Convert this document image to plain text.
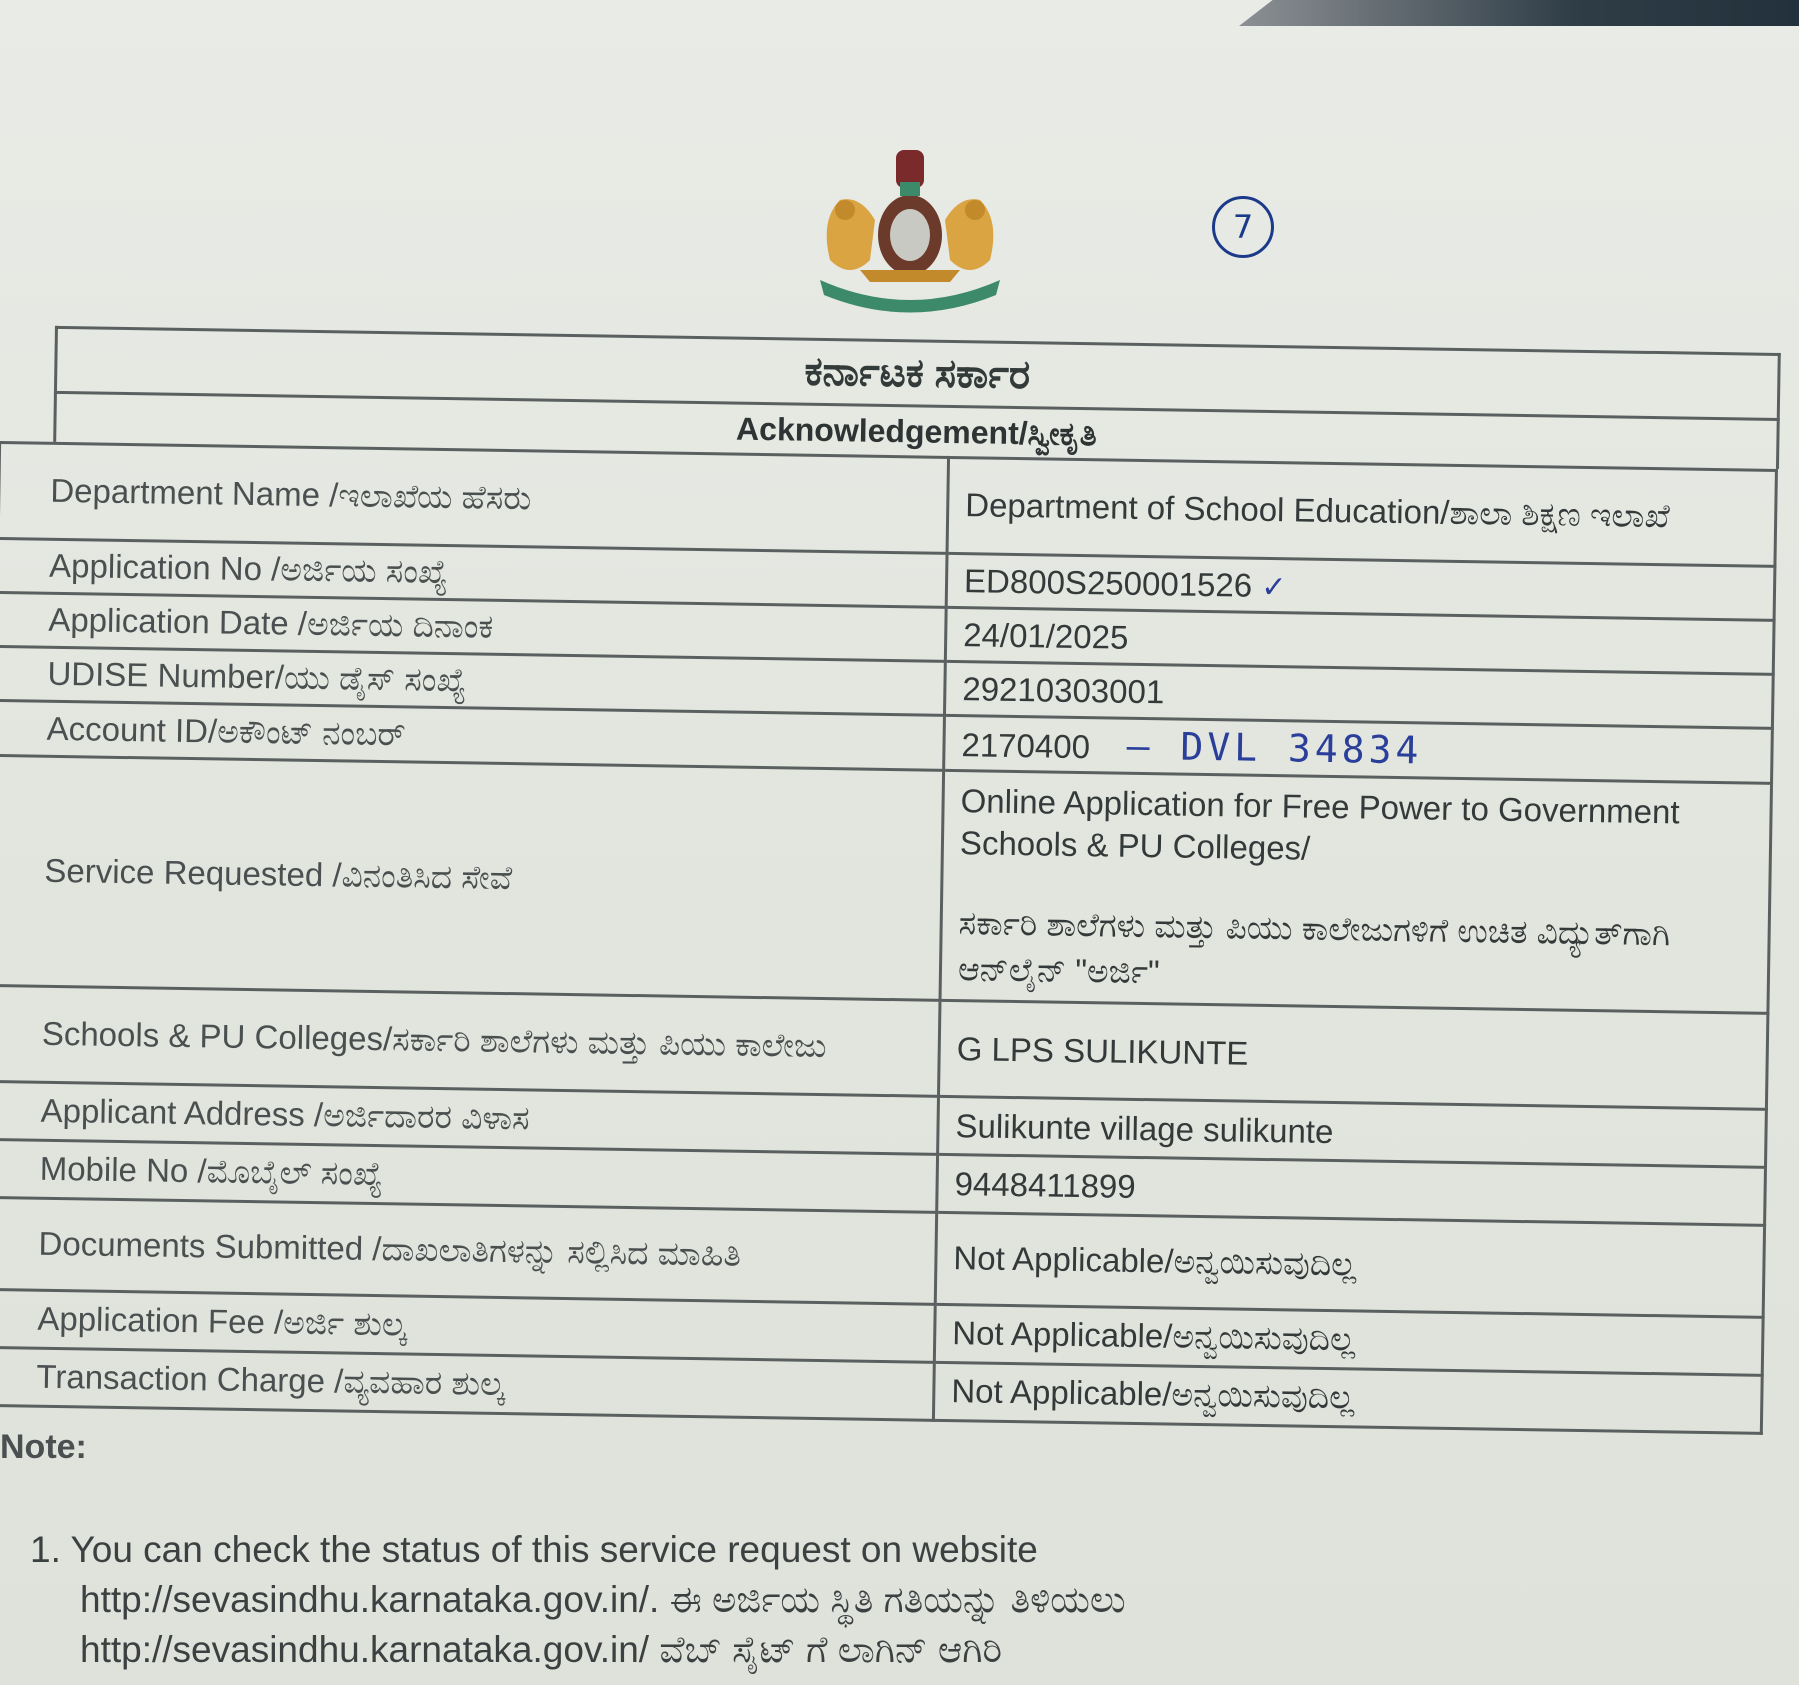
7
ಕರ್ನಾಟಕ ಸರ್ಕಾರ
Acknowledgement/ಸ್ವೀಕೃತಿ
Department Name /ಇಲಾಖೆಯ ಹೆಸರು	Department of School Education/ಶಾಲಾ ಶಿಕ್ಷಣ ಇಲಾಖೆ
Application No /ಅರ್ಜಿಯ ಸಂಖ್ಯೆ	ED800S250001526 ✓
Application Date /ಅರ್ಜಿಯ ದಿನಾಂಕ	24/01/2025
UDISE Number/ಯು ಡೈಸ್ ಸಂಖ್ಯೆ	29210303001
Account ID/ಅಕೌಂಟ್ ನಂಬರ್	2170400 — DVL 34834
Service Requested /ವಿನಂತಿಸಿದ ಸೇವೆ	Online Application for Free Power to Government Schools & PU Colleges/
ಸರ್ಕಾರಿ ಶಾಲೆಗಳು ಮತ್ತು ಪಿಯು ಕಾಲೇಜುಗಳಿಗೆ ಉಚಿತ ವಿದ್ಯುತ್‌ಗಾಗಿ ಆನ್‌ಲೈನ್ "ಅರ್ಜಿ"

Schools & PU Colleges/ಸರ್ಕಾರಿ ಶಾಲೆಗಳು ಮತ್ತು ಪಿಯು ಕಾಲೇಜು	G LPS SULIKUNTE
Applicant Address /ಅರ್ಜಿದಾರರ ವಿಳಾಸ	Sulikunte village sulikunte
Mobile No /ಮೊಬೈಲ್ ಸಂಖ್ಯೆ	9448411899
Documents Submitted /ದಾಖಲಾತಿಗಳನ್ನು ಸಲ್ಲಿಸಿದ ಮಾಹಿತಿ	Not Applicable/ಅನ್ವಯಿಸುವುದಿಲ್ಲ
Application Fee /ಅರ್ಜಿ ಶುಲ್ಕ	Not Applicable/ಅನ್ವಯಿಸುವುದಿಲ್ಲ
Transaction Charge /ವ್ಯವಹಾರ ಶುಲ್ಕ	Not Applicable/ಅನ್ವಯಿಸುವುದಿಲ್ಲ
Note:
1. You can check the status of this service request on website
http://sevasindhu.karnataka.gov.in/. ಈ ಅರ್ಜಿಯ ಸ್ಥಿತಿ ಗತಿಯನ್ನು ತಿಳಿಯಲು
http://sevasindhu.karnataka.gov.in/ ವೆಬ್ ಸೈಟ್ ಗೆ ಲಾಗಿನ್ ಆಗಿರಿ
